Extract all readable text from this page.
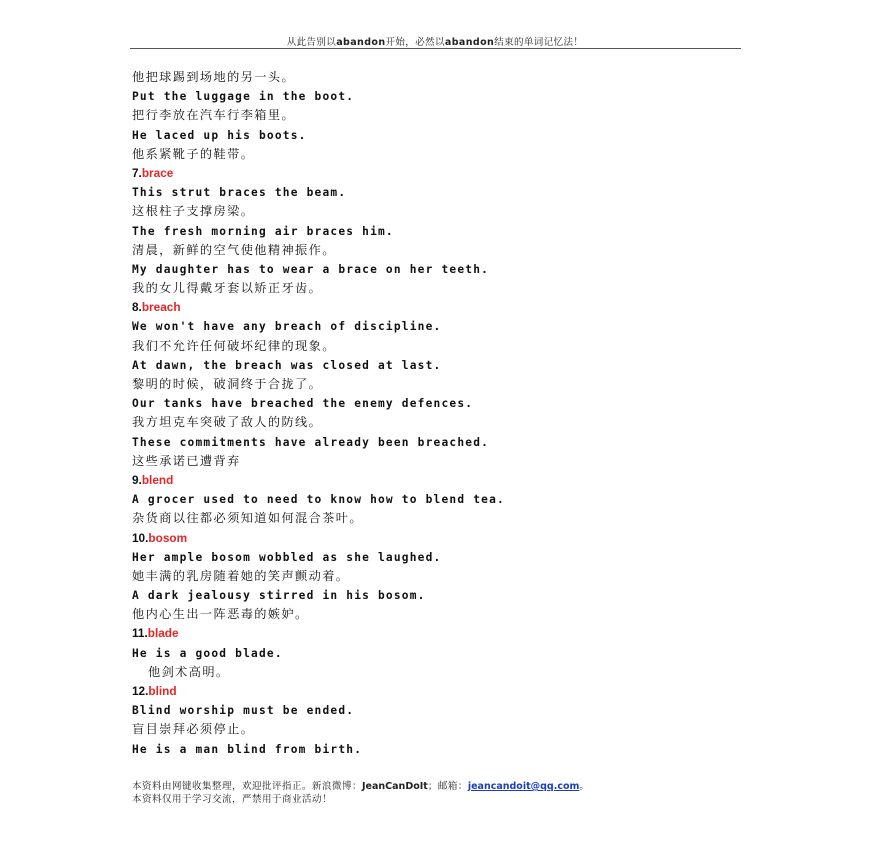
从此告别以abandon开始，必然以abandon结束的单词记忆法！
他把球踢到场地的另一头。
Put the luggage in the boot.
把行李放在汽车行李箱里。
He laced up his boots.
他系紧靴子的鞋带。
7.brace
This strut braces the beam.
这根柱子支撑房梁。
The fresh morning air braces him.
清晨，新鲜的空气使他精神振作。
My daughter has to wear a brace on her teeth.
我的女儿得戴牙套以矫正牙齿。
8.breach
We won't have any breach of discipline.
我们不允许任何破坏纪律的现象。
At dawn, the breach was closed at last.
黎明的时候，破洞终于合拢了。
Our tanks have breached the enemy defences.
我方坦克车突破了敌人的防线。
These commitments have already been breached.
这些承诺已遭背弃
9.blend
A grocer used to need to know how to blend tea.
杂货商以往都必须知道如何混合茶叶。
10.bosom
Her ample bosom wobbled as she laughed.
她丰满的乳房随着她的笑声颤动着。
A dark jealousy stirred in his bosom.
他内心生出一阵恶毒的嫉妒。
11.blade
He is a good blade.
他剑术高明。
12.blind
Blind worship must be ended.
盲目崇拜必须停止。
He is a man blind from birth.
本资料由网键收集整理，欢迎批评指正。新浪微博：JeanCanDoIt；邮箱：jeancandoit@qq.com。
本资料仅用于学习交流，严禁用于商业活动！
